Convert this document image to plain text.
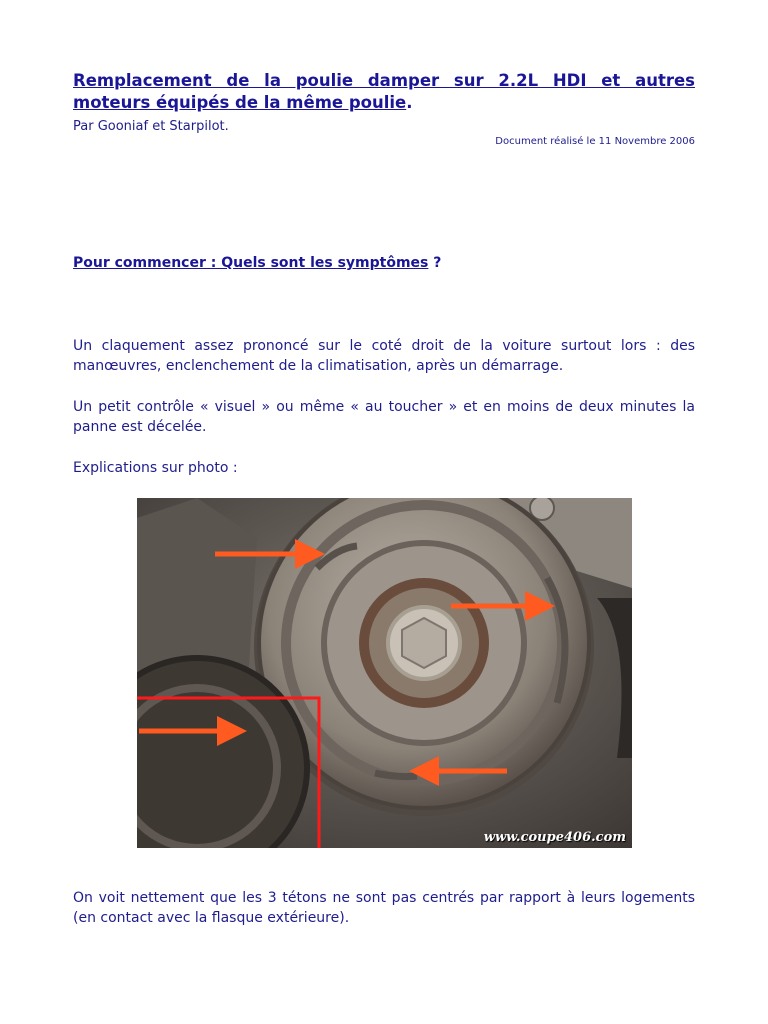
Remplacement de la poulie damper sur 2.2L HDI et autres moteurs équipés de la même poulie.
Par Gooniaf et Starpilot.
Document réalisé le 11 Novembre 2006
Pour commencer : Quels sont les symptômes ?
Un claquement assez prononcé sur le coté droit de la voiture surtout lors : des manœuvres, enclenchement de la climatisation, après un démarrage.
Un petit contrôle « visuel » ou même « au toucher » et en moins de deux minutes la panne est décelée.
Explications sur photo :
www.coupe406.com
On voit nettement que les 3 tétons ne sont pas centrés par rapport à leurs logements (en contact avec la flasque extérieure).
